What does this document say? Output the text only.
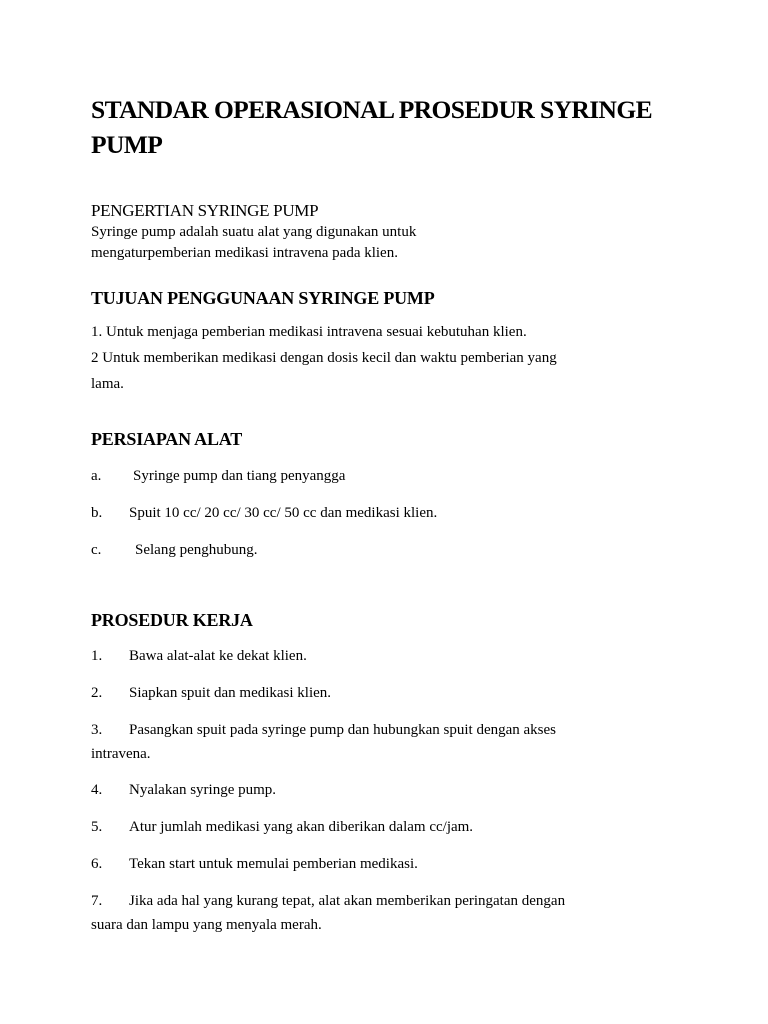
STANDAR OPERASIONAL PROSEDUR SYRINGE PUMP
PENGERTIAN SYRINGE PUMP
Syringe pump adalah suatu alat yang digunakan untuk
mengaturpemberian medikasi intravena pada klien.
TUJUAN PENGGUNAAN SYRINGE PUMP
1. Untuk menjaga pemberian medikasi intravena sesuai kebutuhan klien.
2 Untuk memberikan medikasi dengan dosis kecil dan waktu pemberian yang
lama.
PERSIAPAN ALAT
a. Syringe pump dan tiang penyangga
b. Spuit 10 cc/ 20 cc/ 30 cc/ 50 cc dan medikasi klien.
c. Selang penghubung.
PROSEDUR KERJA
1. Bawa alat-alat ke dekat klien.
2. Siapkan spuit dan medikasi klien.
3. Pasangkan spuit pada syringe pump dan hubungkan spuit dengan akses
intravena.
4. Nyalakan syringe pump.
5. Atur jumlah medikasi yang akan diberikan dalam cc/jam.
6. Tekan start untuk memulai pemberian medikasi.
7. Jika ada hal yang kurang tepat, alat akan memberikan peringatan dengan
suara dan lampu yang menyala merah.
